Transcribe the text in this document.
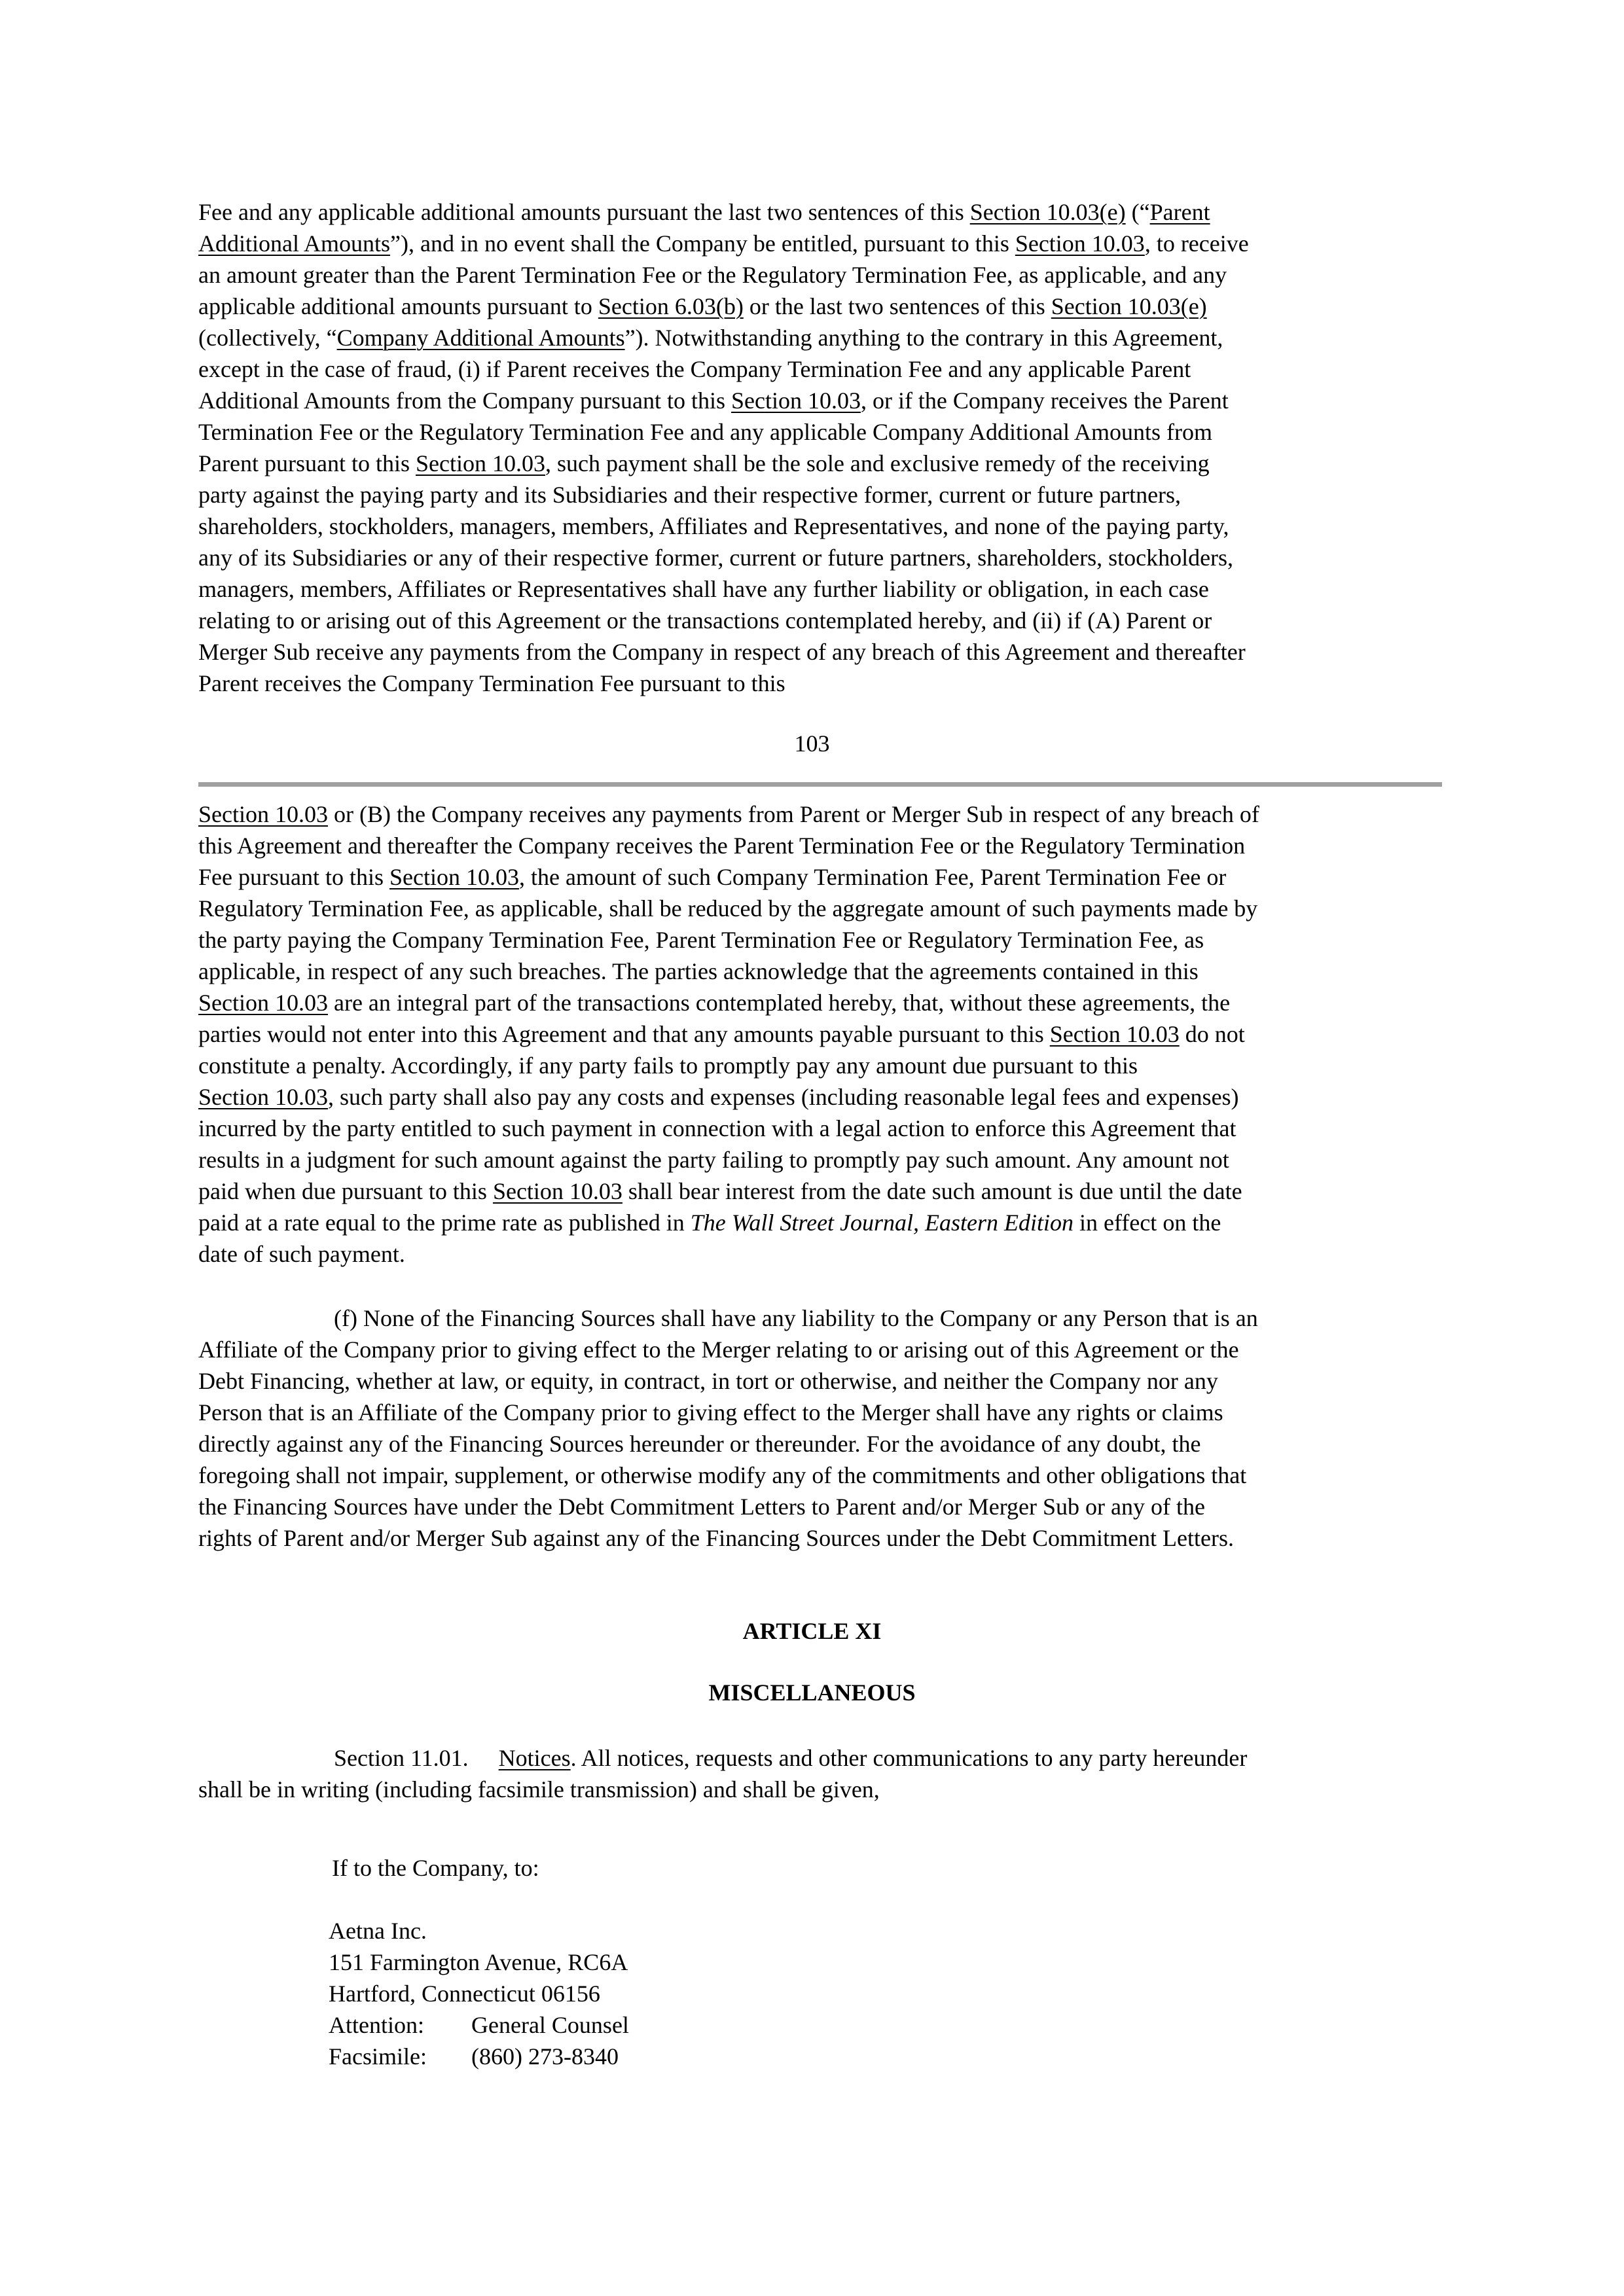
Fee and any applicable additional amounts pursuant the last two sentences of this Section 10.03(e) (“Parent
Additional Amounts”), and in no event shall the Company be entitled, pursuant to this Section 10.03, to receive
an amount greater than the Parent Termination Fee or the Regulatory Termination Fee, as applicable, and any
applicable additional amounts pursuant to Section 6.03(b) or the last two sentences of this Section 10.03(e)
(collectively, “Company Additional Amounts”). Notwithstanding anything to the contrary in this Agreement,
except in the case of fraud, (i) if Parent receives the Company Termination Fee and any applicable Parent
Additional Amounts from the Company pursuant to this Section 10.03, or if the Company receives the Parent
Termination Fee or the Regulatory Termination Fee and any applicable Company Additional Amounts from
Parent pursuant to this Section 10.03, such payment shall be the sole and exclusive remedy of the receiving
party against the paying party and its Subsidiaries and their respective former, current or future partners,
shareholders, stockholders, managers, members, Affiliates and Representatives, and none of the paying party,
any of its Subsidiaries or any of their respective former, current or future partners, shareholders, stockholders,
managers, members, Affiliates or Representatives shall have any further liability or obligation, in each case
relating to or arising out of this Agreement or the transactions contemplated hereby, and (ii) if (A) Parent or
Merger Sub receive any payments from the Company in respect of any breach of this Agreement and thereafter
Parent receives the Company Termination Fee pursuant to this
103
Section 10.03 or (B) the Company receives any payments from Parent or Merger Sub in respect of any breach of
this Agreement and thereafter the Company receives the Parent Termination Fee or the Regulatory Termination
Fee pursuant to this Section 10.03, the amount of such Company Termination Fee, Parent Termination Fee or
Regulatory Termination Fee, as applicable, shall be reduced by the aggregate amount of such payments made by
the party paying the Company Termination Fee, Parent Termination Fee or Regulatory Termination Fee, as
applicable, in respect of any such breaches. The parties acknowledge that the agreements contained in this
Section 10.03 are an integral part of the transactions contemplated hereby, that, without these agreements, the
parties would not enter into this Agreement and that any amounts payable pursuant to this Section 10.03 do not
constitute a penalty. Accordingly, if any party fails to promptly pay any amount due pursuant to this
Section 10.03, such party shall also pay any costs and expenses (including reasonable legal fees and expenses)
incurred by the party entitled to such payment in connection with a legal action to enforce this Agreement that
results in a judgment for such amount against the party failing to promptly pay such amount. Any amount not
paid when due pursuant to this Section 10.03 shall bear interest from the date such amount is due until the date
paid at a rate equal to the prime rate as published in The Wall Street Journal, Eastern Edition in effect on the
date of such payment.
(f) None of the Financing Sources shall have any liability to the Company or any Person that is an
Affiliate of the Company prior to giving effect to the Merger relating to or arising out of this Agreement or the
Debt Financing, whether at law, or equity, in contract, in tort or otherwise, and neither the Company nor any
Person that is an Affiliate of the Company prior to giving effect to the Merger shall have any rights or claims
directly against any of the Financing Sources hereunder or thereunder. For the avoidance of any doubt, the
foregoing shall not impair, supplement, or otherwise modify any of the commitments and other obligations that
the Financing Sources have under the Debt Commitment Letters to Parent and/or Merger Sub or any of the
rights of Parent and/or Merger Sub against any of the Financing Sources under the Debt Commitment Letters.
ARTICLE XI
MISCELLANEOUS
Section 11.01. Notices. All notices, requests and other communications to any party hereunder
shall be in writing (including facsimile transmission) and shall be given,
If to the Company, to:
Aetna Inc.
151 Farmington Avenue, RC6A
Hartford, Connecticut 06156
Attention: General Counsel
Facsimile: (860) 273-8340
